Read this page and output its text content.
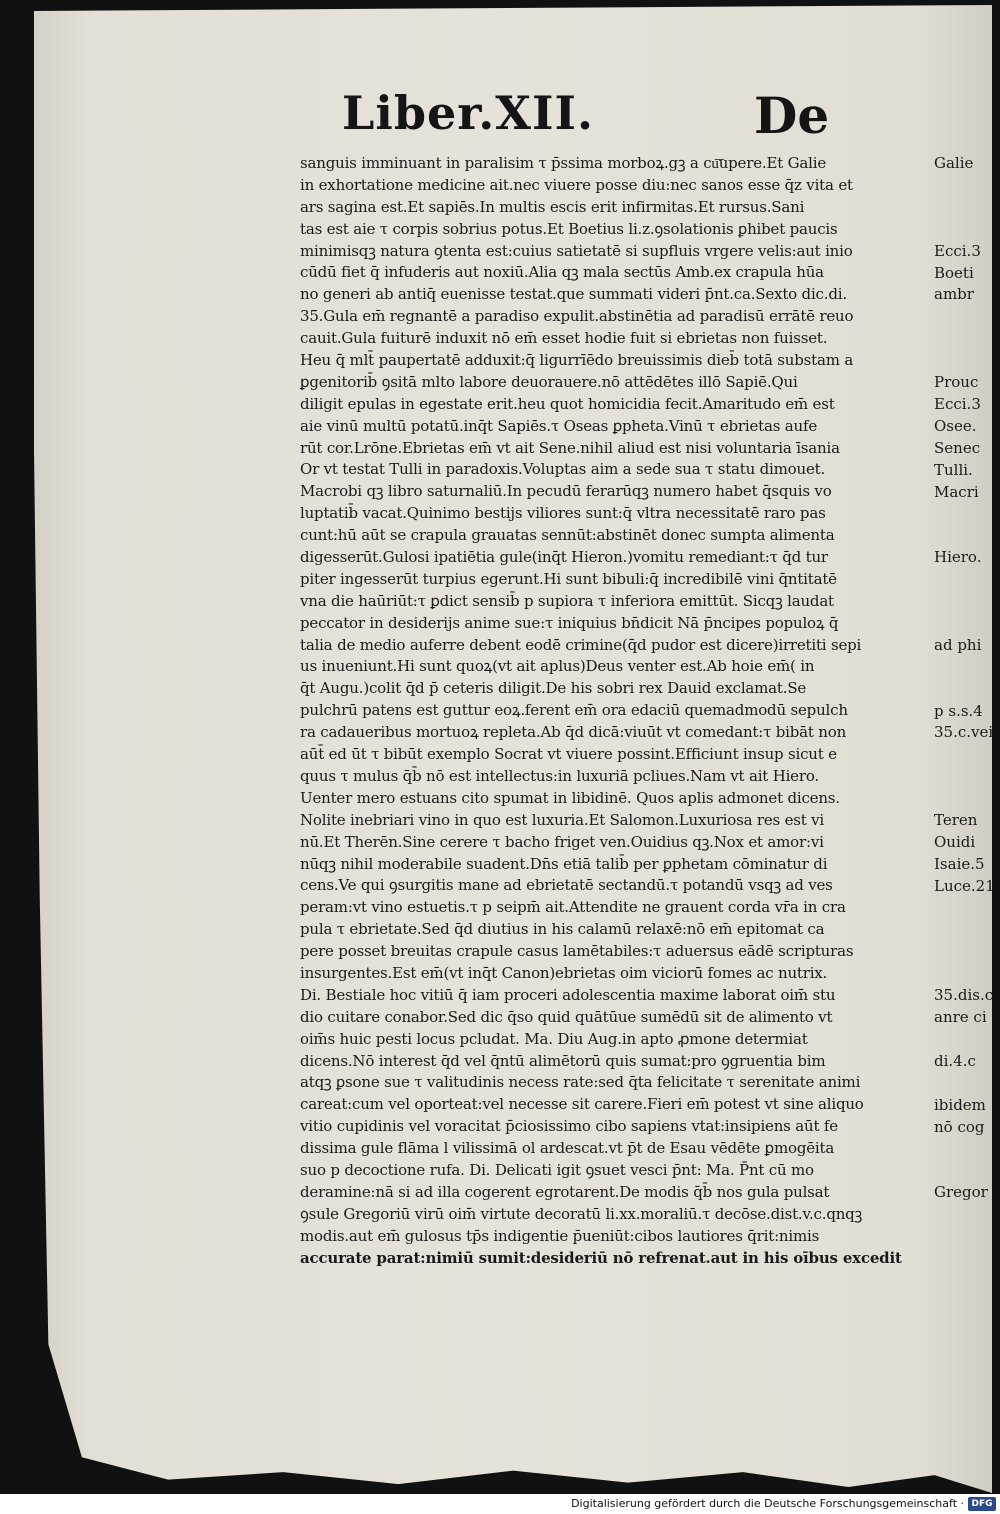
Liber.XII.	De
sanguis imminuant in paralisim τ p̄ssima morboꝝ.gꝫ a cu͞upere.Et Galie
in exhortatione medicine ait.nec viuere posse diu:nec sanos esse q̄z vita et
ars sagina est.Et sapiēs.In multis escis erit infirmitas.Et rursus.Sani
tas est aie τ corpis sobrius potus.Et Boetius li.z.ꝯsolationis ꝑhibet paucis
minimisqꝫ natura ꝯtenta est:cuius satietatē si supfluis vrgere velis:aut inio
cūdū fiet q̄ infuderis aut noxiū.Alia qꝫ mala sectūs Amb.ex crapula hūa
no generi ab antiq̄ euenisse testat.que summati videri p̄nt.ca.Sexto dic.di.
35.Gula em̄ regnantē a paradiso expulit.abstinētia ad paradisū errātē reuo
cauit.Gula fuiturē induxit nō em̄ esset hodie fuit si ebrietas non fuisset.
Heu q̄ mlt̄ paupertatē adduxit:q̄ ligurrīēdo breuissimis dieb̄ totā substam a
ꝑgenitorib̄ ꝯsitā mlto labore deuorauere.nō attēdētes illō Sapiē.Qui
diligit epulas in egestate erit.heu quot homicidia fecit.Amaritudo em̄ est
aie vinū multū potatū.inq̄t Sapiēs.τ Oseas ꝑpheta.Vinū τ ebrietas aufe
rūt cor.Lrōne.Ebrietas em̄ vt ait Sene.nihil aliud est nisi voluntaria īsania
Or vt testat Tulli in paradoxis.Voluptas aim a sede sua τ statu dimouet.
Macrobi qꝫ libro saturnaliū.In pecudū ferarūqꝫ numero habet q̄squis vo
luptatib̄ vacat.Quinimo bestijs viliores sunt:q̄ vltra necessitatē raro pas
cunt:hū aūt se crapula grauatas sennūt:abstinēt donec sumpta alimenta
digesserūt.Gulosi ipatiētia gule(inq̄t Hieron.)vomitu remediant:τ q̄d tur
piter ingesserūt turpius egerunt.Hi sunt bibuli:q̄ incredibilē vini q̄ntitatē
vna die haūriūt:τ ꝑdict sensib̄ p supiora τ inferiora emittūt. Sicqꝫ laudat
peccator in desiderijs anime sue:τ iniquius bn̄dicit Nā p̄ncipes populoꝝ q̄
talia de medio auferre debent eodē crimine(q̄d pudor est dicere)irretiti sepi
us inueniunt.Hi sunt quoꝝ(vt ait aplus)Deus venter est.Ab hoie em̄( in
q̄t Augu.)colit q̄d p̄ ceteris diligit.De his sobri rex Dauid exclamat.Se
pulchrū patens est guttur eoꝝ.ferent em̄ ora edaciū quemadmodū sepulch
ra cadaueribus mortuoꝝ repleta.Ab q̄d dicā:viuūt vt comedant:τ bibāt non
aūt̄ ed ūt τ bibūt exemplo Socrat vt viuere possint.Efficiunt insup sicut e
quus τ mulus q̄b̄ nō est intellectus:in luxuriā pcliues.Nam vt ait Hiero.
Uenter mero estuans cito spumat in libidinē. Quos aplis admonet dicens.
Nolite inebriari vino in quo est luxuria.Et Salomon.Luxuriosa res est vi
nū.Et Therēn.Sine cerere τ bacho friget ven.Ouidius qꝫ.Nox et amor:vi
nūqꝫ nihil moderabile suadent.Dn̄s etiā talib̄ per ꝑphetam cōminatur di
cens.Ve qui ꝯsurgitis mane ad ebrietatē sectandū.τ potandū vsqꝫ ad ves
peram:vt vino estuetis.τ p seipm̄ ait.Attendite ne grauent corda vr̄a in cra
pula τ ebrietate.Sed q̄d diutius in his calamū relaxē:nō em̄ epitomat ca
pere posset breuitas crapule casus lamētabiles:τ aduersus eādē scripturas
insurgentes.Est em̄(vt inq̄t Canon)ebrietas oim viciorū fomes ac nutrix.
Di. Bestiale hoc vitiū q̄ iam proceri adolescentia maxime laborat oim̄ stu
dio cuitare conabor.Sed dic q̄so quid quātūue sumēdū sit de alimento vt
oim̄s huic pesti locus pcludat. Ma. Diu Aug.in apto ꝓmone determiat
dicens.Nō interest q̄d vel q̄ntū alimētorū quis sumat:pro ꝯgruentia bim
atqꝫ ꝑsone sue τ valitudinis necess rate:sed q̄ta felicitate τ serenitate animi
careat:cum vel oporteat:vel necesse sit carere.Fieri em̄ potest vt sine aliquo
vitio cupidinis vel voracitat p̄ciosissimo cibo sapiens vtat:insipiens aūt fe
dissima gule flāma l vilissimā ol ardescat.vt p̄t de Esau vēdēte ꝑmogēita
suo p decoctione rufa. Di. Delicati igit ꝯsuet vesci p̄nt: Ma. P̄nt cū mo
deramine:nā si ad illa cogerent egrotarent.De modis q̄b̄ nos gula pulsat
ꝯsule Gregoriū virū oim̄ virtute decoratū li.xx.moraliū.τ decōse.dist.v.c.qnqꝫ
modis.aut em̄ gulosus tp̄s indigentie p̄ueniūt:cibos lautiores q̄rit:nimis
accurate parat:nimiū sumit:desideriū nō refrenat.aut in his oībus excedit
Galie
Ecci.3
Boeti
ambr
Prouc
Ecci.3
Osee.
Senec
Tulli.
Macri
Hiero.
ad phi
p s.s.4
35.c.vei
Teren
Ouidi
Isaie.5
Luce.21
35.dis.c
anre ci
di.4.c
ibidem
nō cog
Gregor
Digitalisierung gefördert durch die Deutsche Forschungsgemeinschaft · DFG
